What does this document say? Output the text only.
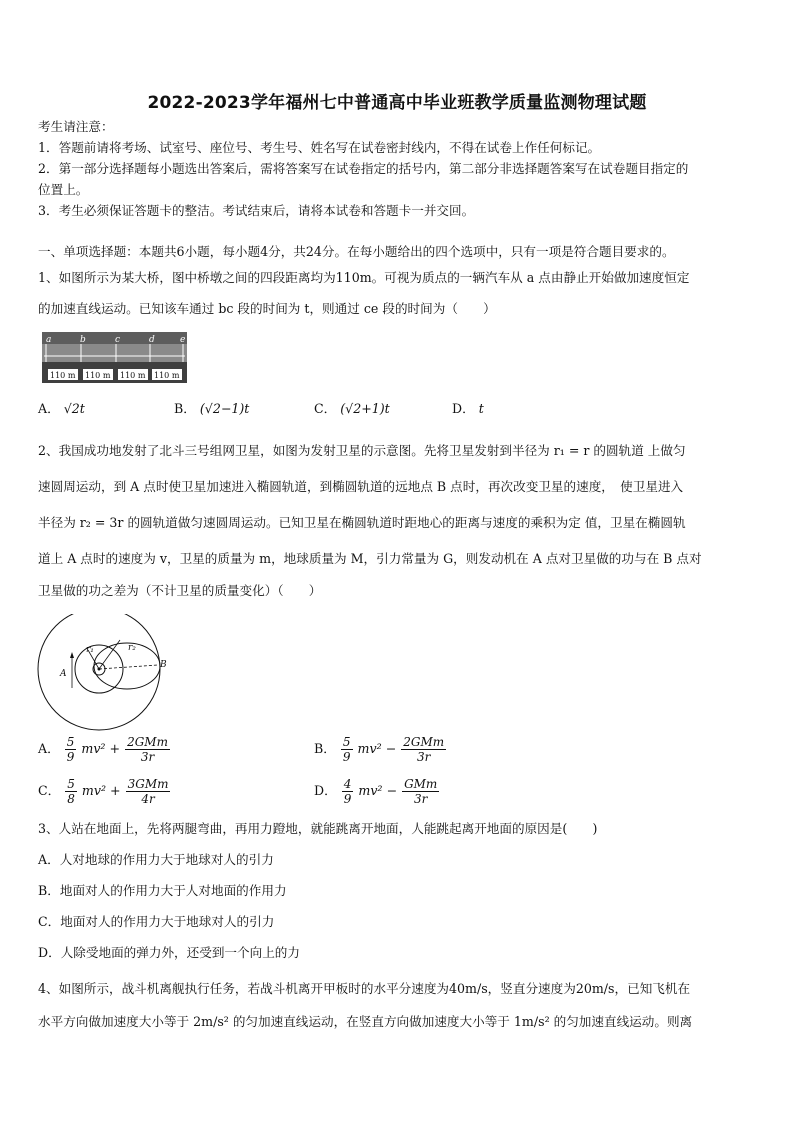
2022-2023学年福州七中普通高中毕业班教学质量监测物理试题
考生请注意：
1．答题前请将考场、试室号、座位号、考生号、姓名写在试卷密封线内，不得在试卷上作任何标记。
2．第一部分选择题每小题选出答案后，需将答案写在试卷指定的括号内，第二部分非选择题答案写在试卷题目指定的
位置上。
3．考生必须保证答题卡的整洁。考试结束后，请将本试卷和答题卡一并交回。
一、单项选择题：本题共6小题，每小题4分，共24分。在每小题给出的四个选项中，只有一项是符合题目要求的。
1、如图所示为某大桥，图中桥墩之间的四段距离均为110m。可视为质点的一辆汽车从 a 点由静止开始做加速度恒定
的加速直线运动。已知该车通过 bc 段的时间为 t，则通过 ce 段的时间为（　　）
a	b	c	d	e
110 m 110 m 110 m 110 m
A． √2t	B． (√2−1)t	C． (√2+1)t	D． t
2、我国成功地发射了北斗三号组网卫星，如图为发射卫星的示意图。先将卫星发射到半径为 r₁ = r 的圆轨道 上做匀
速圆周运动，到 A 点时使卫星加速进入椭圆轨道，到椭圆轨道的远地点 B 点时，再次改变卫星的速度，　使卫星进入
半径为 r₂ = 3r 的圆轨道做匀速圆周运动。已知卫星在椭圆轨道时距地心的距离与速度的乘积为定 值，卫星在椭圆轨
道上 A 点时的速度为 v，卫星的质量为 m，地球质量为 M，引力常量为 G，则发动机在 A 点对卫星做的功与在 B 点对
卫星做的功之差为（不计卫星的质量变化）（　　）
A
B
r₁	r₂
A． $\frac{5}{9} mv^2 + \frac{\text{2GMm}}{3r}$	B． $\frac{5}{9} mv^2 - \frac{\text{2GMm}}{3r}$
C． $\frac{5}{8} mv^2 + \frac{\text{3GMm}}{4r}$	D． $\frac{4}{9} mv^2 - \frac{\text{GMm}}{3r}$
3、人站在地面上，先将两腿弯曲，再用力蹬地，就能跳离开地面，人能跳起离开地面的原因是(　　)
A．人对地球的作用力大于地球对人的引力
B．地面对人的作用力大于人对地面的作用力
C．地面对人的作用力大于地球对人的引力
D．人除受地面的弹力外，还受到一个向上的力
4、如图所示，战斗机离舰执行任务，若战斗机离开甲板时的水平分速度为40m/s，竖直分速度为20m/s，已知飞机在
水平方向做加速度大小等于 2m/s² 的匀加速直线运动，在竖直方向做加速度大小等于 1m/s² 的匀加速直线运动。则离
